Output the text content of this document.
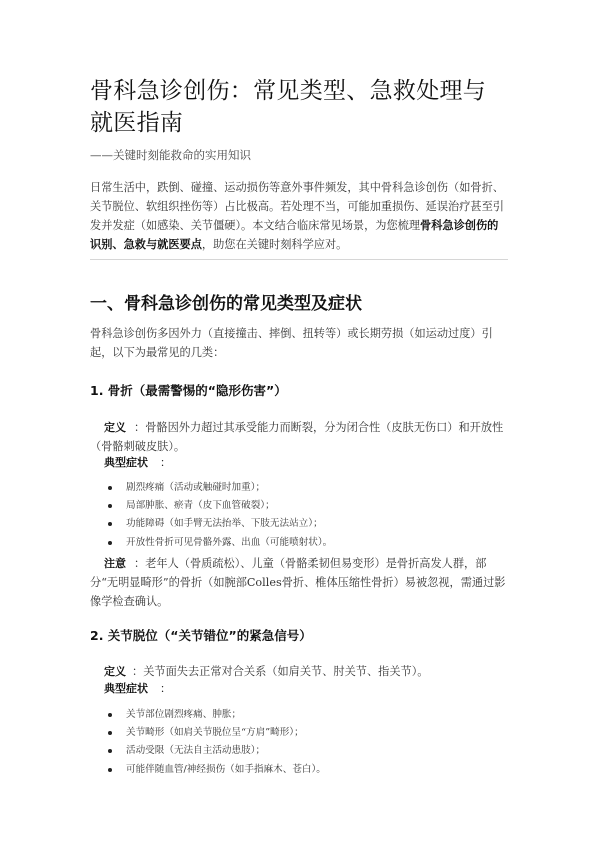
骨科急诊创伤：常见类型、急救处理与
就医指南
——关键时刻能救命的实用知识
日常生活中，跌倒、碰撞、运动损伤等意外事件频发，其中骨科急诊创伤（如骨折、关节脱位、软组织挫伤等）占比极高。若处理不当，可能加重损伤、延误治疗甚至引发并发症（如感染、关节僵硬）。本文结合临床常见场景，为您梳理骨科急诊创伤的识别、急救与就医要点，助您在关键时刻科学应对。
一、骨科急诊创伤的常见类型及症状
骨科急诊创伤多因外力（直接撞击、摔倒、扭转等）或长期劳损（如运动过度）引起，以下为最常见的几类：
1. 骨折（最需警惕的“隐形伤害”）
定义 ：骨骼因外力超过其承受能力而断裂，分为闭合性（皮肤无伤口）和开放性（骨骼刺破皮肤）。
典型症状 ：
剧烈疼痛（活动或触碰时加重）；
局部肿胀、瘀青（皮下血管破裂）；
功能障碍（如手臂无法抬举、下肢无法站立）；
开放性骨折可见骨骼外露、出血（可能喷射状）。
注意 ：老年人（骨质疏松）、儿童（骨骼柔韧但易变形）是骨折高发人群，部分“无明显畸形”的骨折（如腕部Colles骨折、椎体压缩性骨折）易被忽视，需通过影像学检查确认。
2. 关节脱位（“关节错位”的紧急信号）
定义 ：关节面失去正常对合关系（如肩关节、肘关节、指关节）。
典型症状 ：
关节部位剧烈疼痛、肿胀；
关节畸形（如肩关节脱位呈“方肩”畸形）；
活动受限（无法自主活动患肢）；
可能伴随血管/神经损伤（如手指麻木、苍白）。
